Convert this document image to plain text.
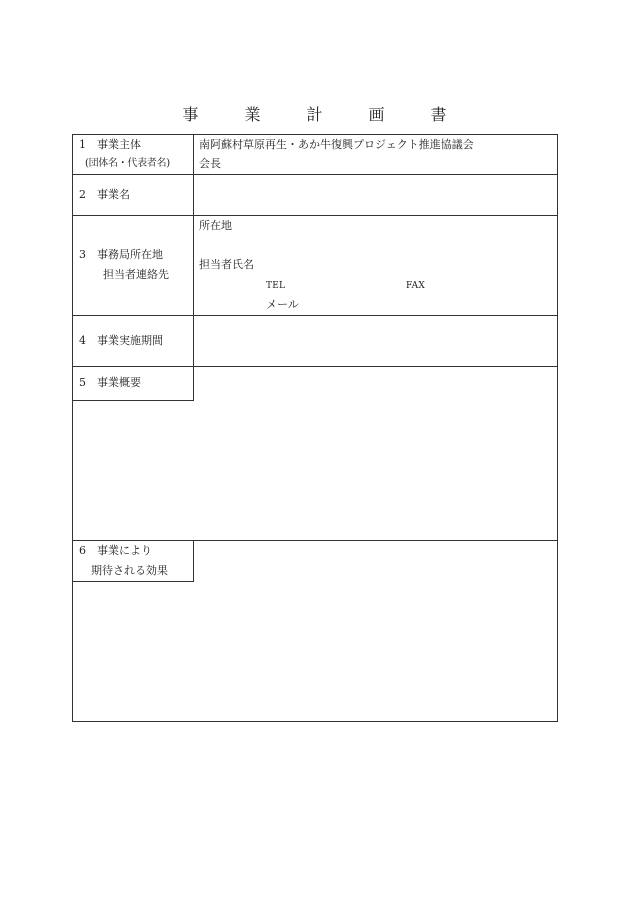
事　業　計　画　書
1　事業主体
(団体名・代表者名)
南阿蘇村草原再生・あか牛復興プロジェクト推進協議会
会長
2　事業名
3　事務局所在地
担当者連絡先
所在地
担当者氏名
TEL	FAX
メール
4　事業実施期間
5　事業概要
6　事業により
期待される効果
